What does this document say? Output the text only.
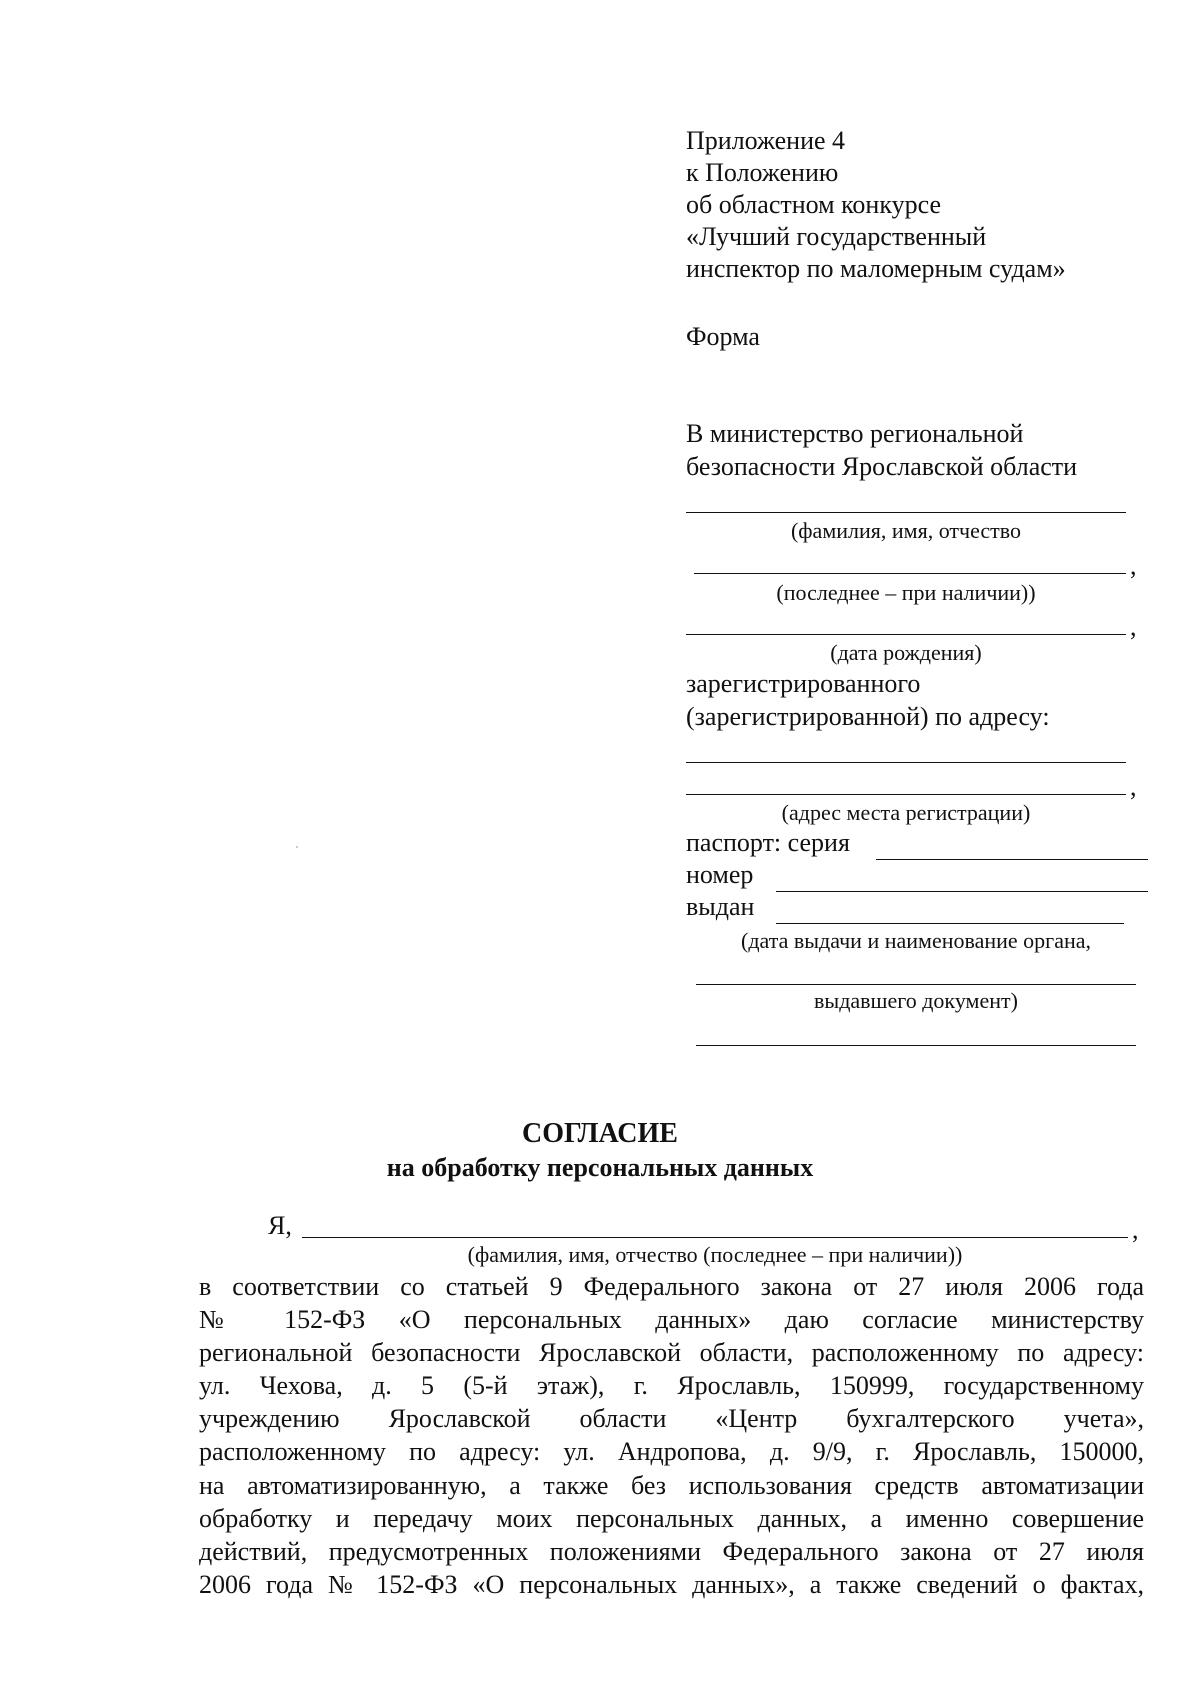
Приложение 4
к Положению
об областном конкурсе
«Лучший государственный
инспектор по маломерным судам»
Форма
В министерство региональной
безопасности Ярославской области
(фамилия, имя, отчество
,
(последнее – при наличии))
,
(дата рождения)
зарегистрированного
(зарегистрированной) по адресу:
,
(адрес места регистрации)
паспорт: серия
номер
выдан
(дата выдачи и наименование органа,
выдавшего документ)
СОГЛАСИЕ
на обработку персональных данных
Я,	,
(фамилия, имя, отчество (последнее – при наличии))
в соответствии со статьей 9 Федерального закона от 27 июля 2006 года
№ 152-ФЗ «О персональных данных» даю согласие министерству
региональной безопасности Ярославской области, расположенному по адресу:
ул. Чехова, д. 5 (5-й этаж), г. Ярославль, 150999, государственному
учреждению Ярославской области «Центр бухгалтерского учета»,
расположенному по адресу: ул. Андропова, д. 9/9, г. Ярославль, 150000,
на автоматизированную, а также без использования средств автоматизации
обработку и передачу моих персональных данных, а именно совершение
действий, предусмотренных положениями Федерального закона от 27 июля
2006 года № 152-ФЗ «О персональных данных», а также сведений о фактах,
